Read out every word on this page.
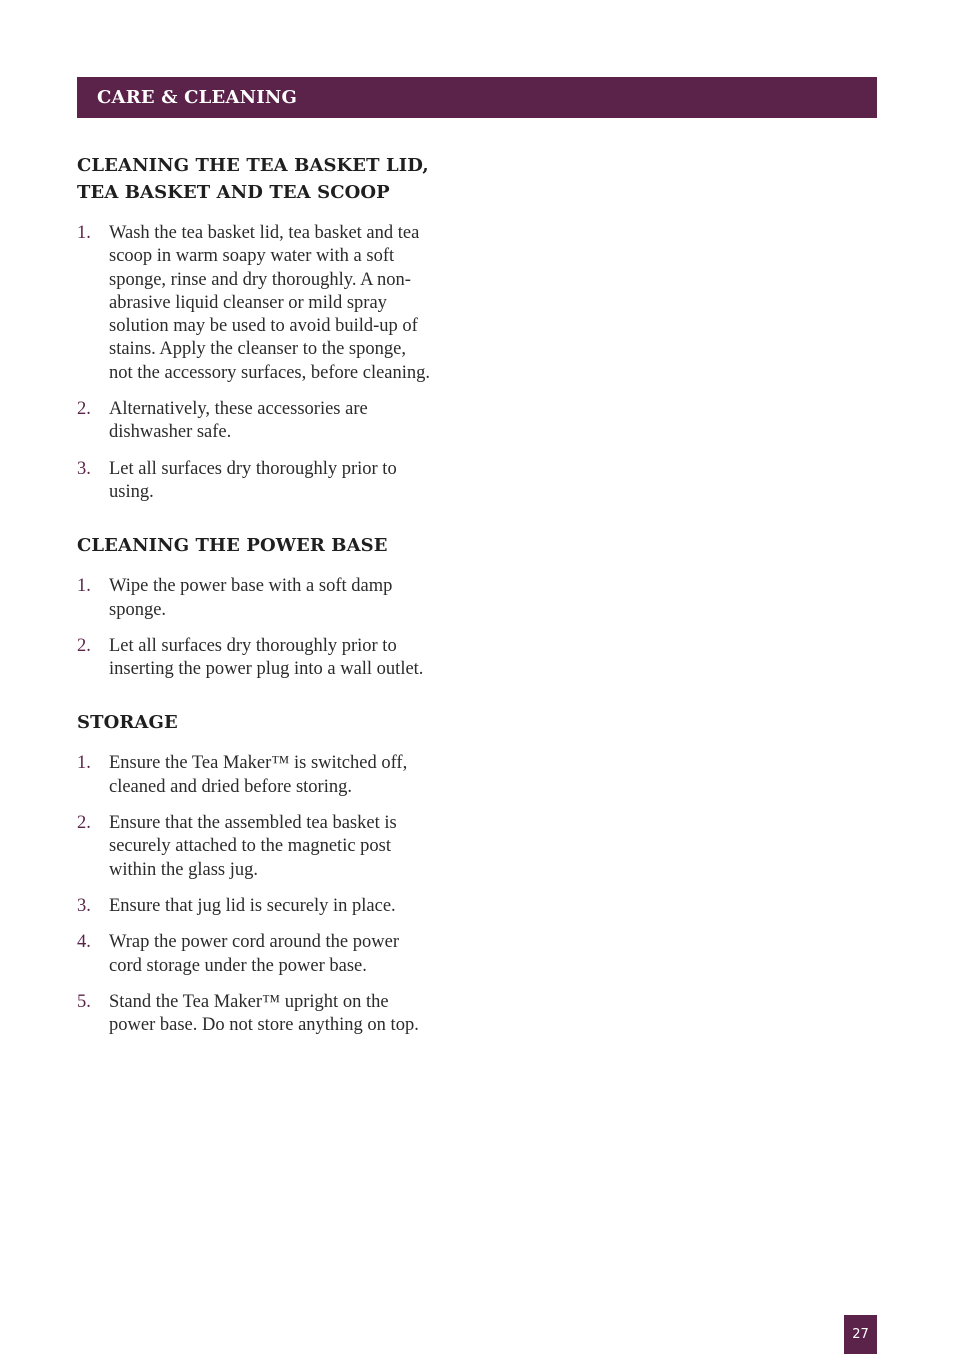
CARE & CLEANING
CLEANING THE TEA BASKET LID,
TEA BASKET AND TEA SCOOP
1. Wash the tea basket lid, tea basket and tea scoop in warm soapy water with a soft sponge, rinse and dry thoroughly. A non-abrasive liquid cleanser or mild spray solution may be used to avoid build-up of stains. Apply the cleanser to the sponge, not the accessory surfaces, before cleaning.
2. Alternatively, these accessories are dishwasher safe.
3. Let all surfaces dry thoroughly prior to using.
CLEANING THE POWER BASE
1. Wipe the power base with a soft damp sponge.
2. Let all surfaces dry thoroughly prior to inserting the power plug into a wall outlet.
STORAGE
1. Ensure the Tea Maker™ is switched off, cleaned and dried before storing.
2. Ensure that the assembled tea basket is securely attached to the magnetic post within the glass jug.
3. Ensure that jug lid is securely in place.
4. Wrap the power cord around the power cord storage under the power base.
5. Stand the Tea Maker™ upright on the power base. Do not store anything on top.
27
